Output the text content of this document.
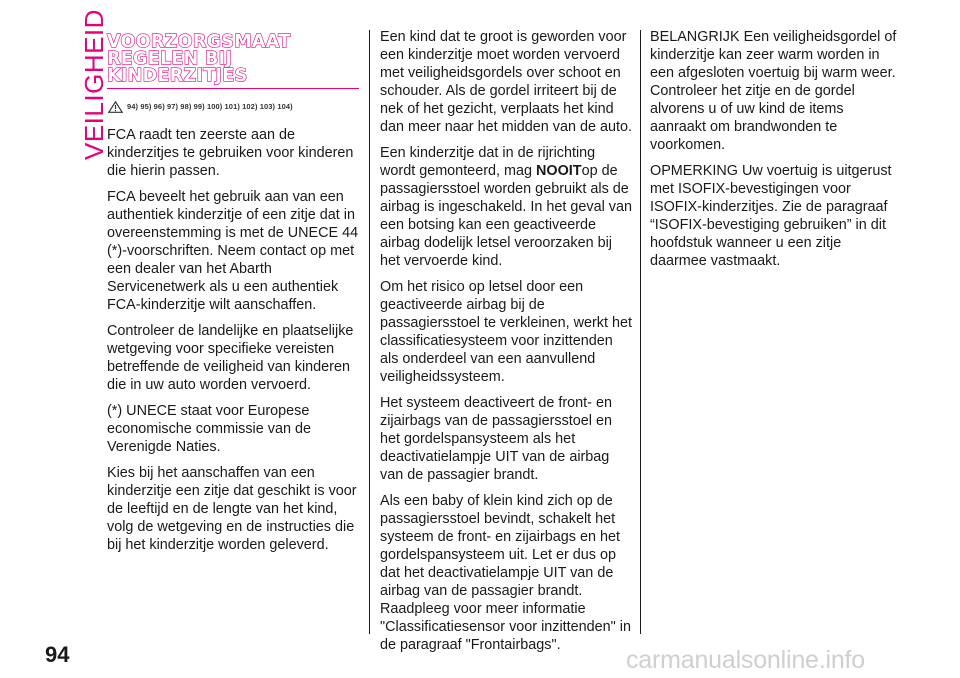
VEILIGHEID
VOORZORGSMAAT
REGELEN BIJ
KINDERZITJES
94) 95) 96) 97) 98) 99) 100) 101) 102) 103) 104)

FCA raadt ten zeerste aan de kinderzitjes te gebruiken voor kinderen die hierin passen.

FCA beveelt het gebruik aan van een authentiek kinderzitje of een zitje dat in overeenstemming is met de UNECE 44 (*)-voorschriften. Neem contact op met een dealer van het Abarth Servicenetwerk als u een authentiek FCA-kinderzitje wilt aanschaffen.

Controleer de landelijke en plaatselijke wetgeving voor specifieke vereisten betreffende de veiligheid van kinderen die in uw auto worden vervoerd.

(*) UNECE staat voor Europese economische commissie van de Verenigde Naties.

Kies bij het aanschaffen van een kinderzitje een zitje dat geschikt is voor de leeftijd en de lengte van het kind, volg de wetgeving en de instructies die bij het kinderzitje worden geleverd.

Een kind dat te groot is geworden voor een kinderzitje moet worden vervoerd met veiligheidsgordels over schoot en schouder. Als de gordel irriteert bij de nek of het gezicht, verplaats het kind dan meer naar het midden van de auto.

Een kinderzitje dat in de rijrichting wordt gemonteerd, mag NOOITop de passagiersstoel worden gebruikt als de airbag is ingeschakeld. In het geval van een botsing kan een geactiveerde airbag dodelijk letsel veroorzaken bij het vervoerde kind.

Om het risico op letsel door een geactiveerde airbag bij de passagiersstoel te verkleinen, werkt het classificatiesysteem voor inzittenden als onderdeel van een aanvullend veiligheidssysteem.

Het systeem deactiveert de front- en zijairbags van de passagiersstoel en het gordelspansysteem als het deactivatielampje UIT van de airbag van de passagier brandt.

Als een baby of klein kind zich op de passagiersstoel bevindt, schakelt het systeem de front- en zijairbags en het gordelspansysteem uit. Let er dus op dat het deactivatielampje UIT van de airbag van de passagier brandt. Raadpleeg voor meer informatie "Classificatiesensor voor inzittenden" in de paragraaf "Frontairbags".

BELANGRIJK Een veiligheidsgordel of kinderzitje kan zeer warm worden in een afgesloten voertuig bij warm weer. Controleer het zitje en de gordel alvorens u of uw kind de items aanraakt om brandwonden te voorkomen.

OPMERKING Uw voertuig is uitgerust met ISOFIX-bevestigingen voor ISOFIX-kinderzitjes. Zie de paragraaf “ISOFIX-bevestiging gebruiken” in dit hoofdstuk wanneer u een zitje daarmee vastmaakt.

94	carmanualsonline.info
